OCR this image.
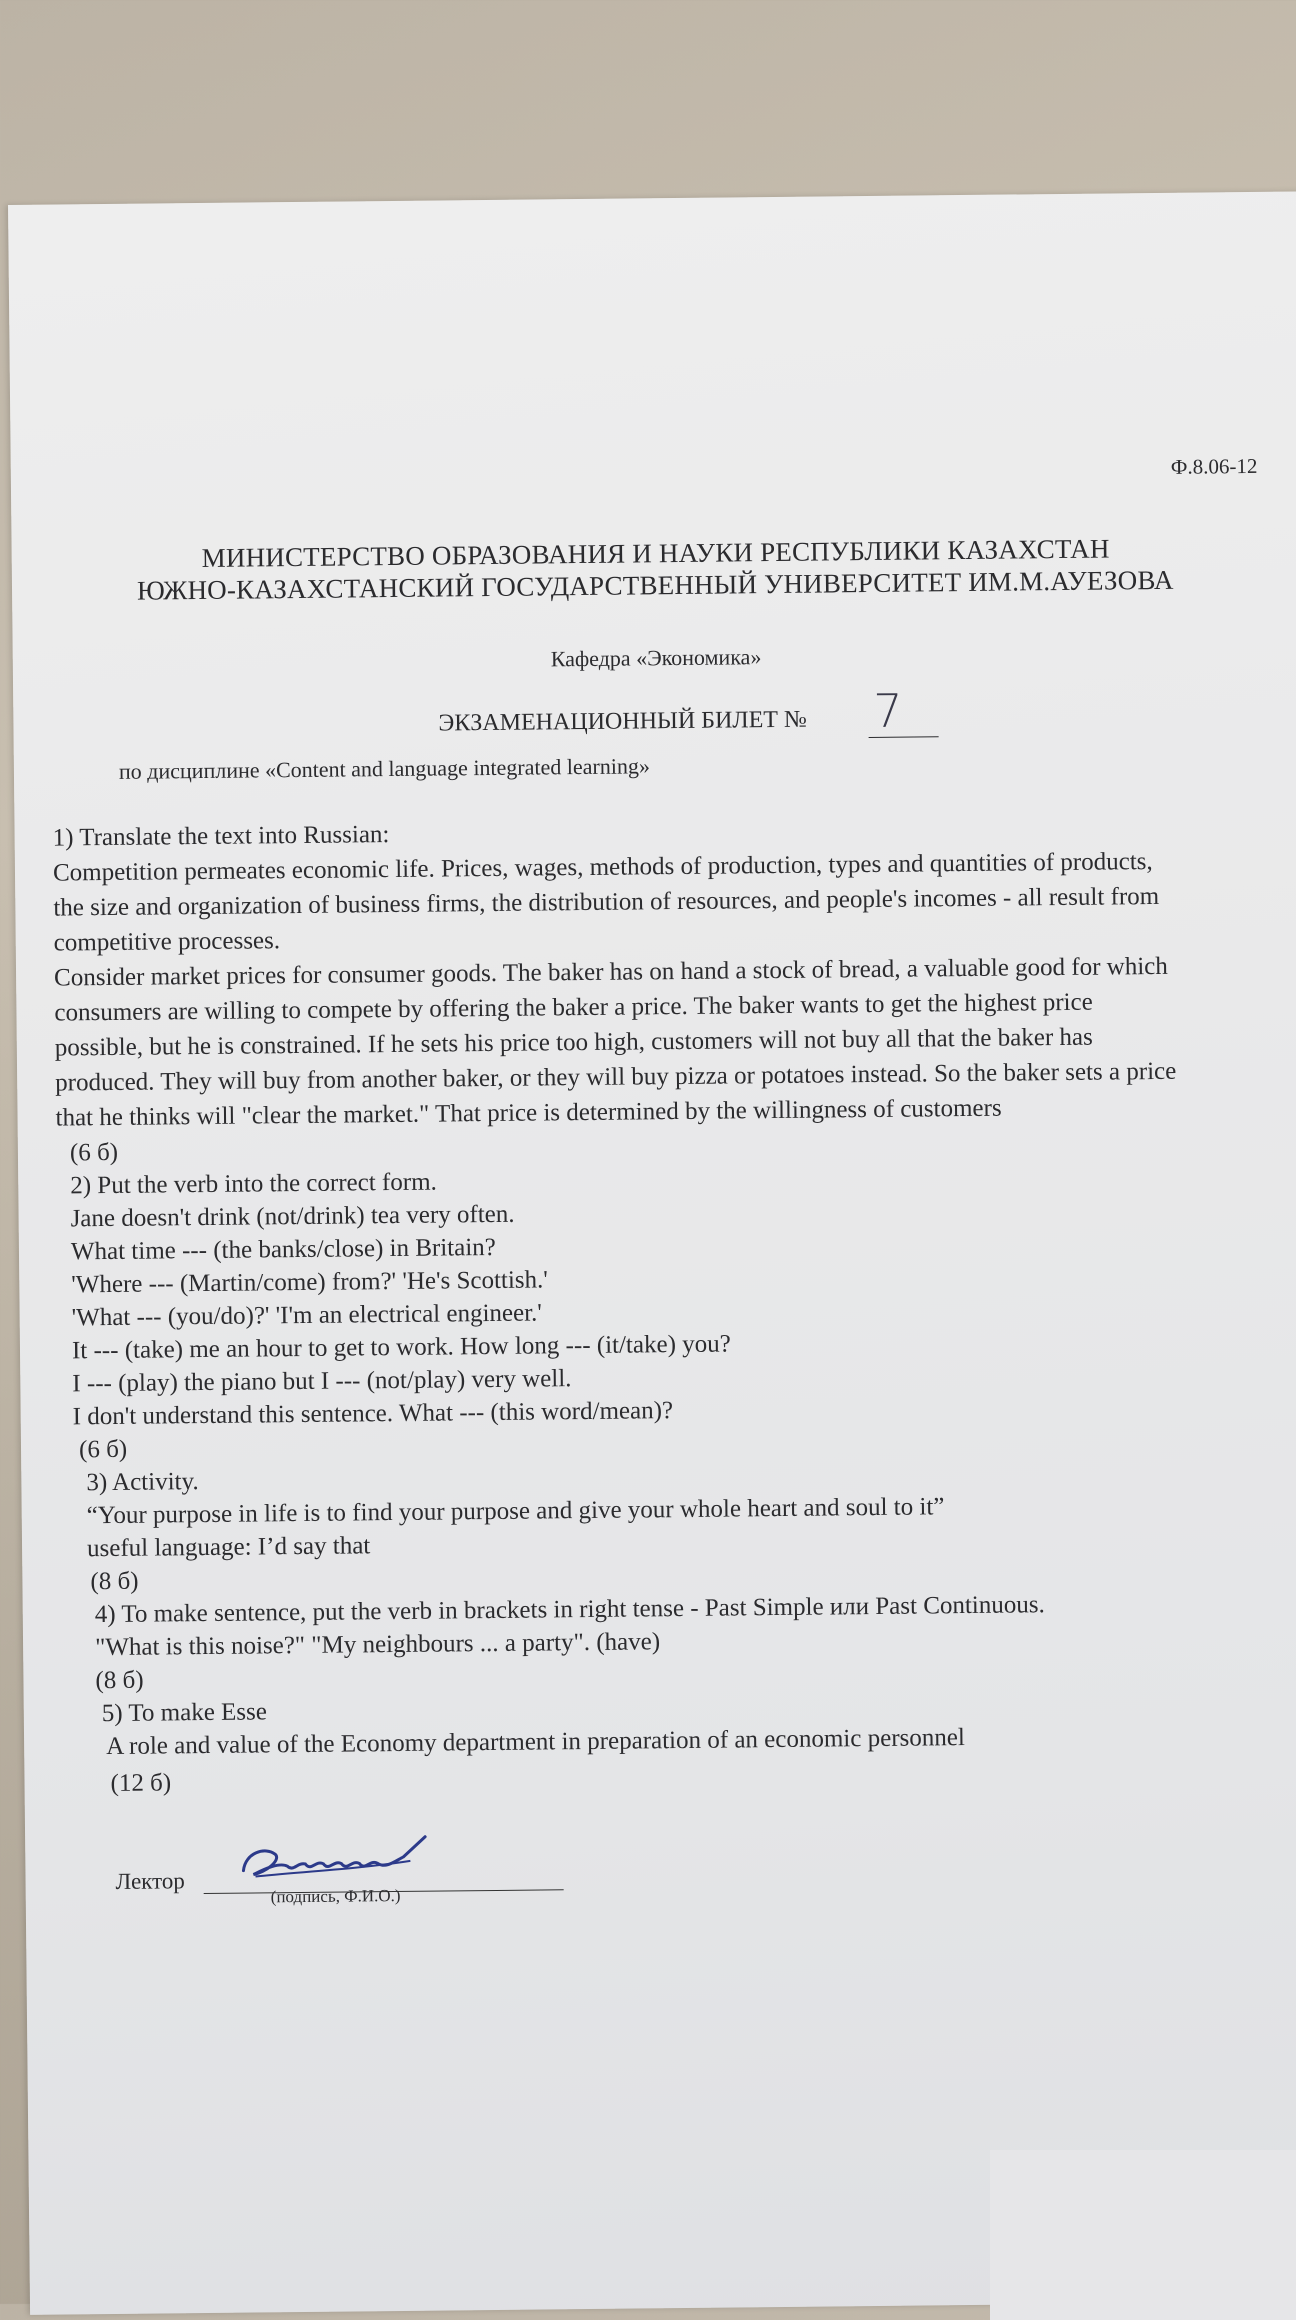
Ф.8.06-12
МИНИСТЕРСТВО ОБРАЗОВАНИЯ И НАУКИ РЕСПУБЛИКИ КАЗАХСТАН
ЮЖНО-КАЗАХСТАНСКИЙ ГОСУДАРСТВЕННЫЙ УНИВЕРСИТЕТ ИМ.М.АУЕЗОВА
Кафедра «Экономика»
ЭКЗАМЕНАЦИОННЫЙ БИЛЕТ № 7
по дисциплине «Content and language integrated learning»
1) Translate the text into Russian:
Competition permeates economic life. Prices, wages, methods of production, types and quantities of products,
the size and organization of business firms, the distribution of resources, and people's incomes - all result from
competitive processes.
Consider market prices for consumer goods. The baker has on hand a stock of bread, a valuable good for which
consumers are willing to compete by offering the baker a price. The baker wants to get the highest price
possible, but he is constrained. If he sets his price too high, customers will not buy all that the baker has
produced. They will buy from another baker, or they will buy pizza or potatoes instead. So the baker sets a price
that he thinks will "clear the market." That price is determined by the willingness of customers
(6 б)
2) Put the verb into the correct form.
Jane doesn't drink (not/drink) tea very often.
What time --- (the banks/close) in Britain?
'Where --- (Martin/come) from?' 'He's Scottish.'
'What --- (you/do)?' 'I'm an electrical engineer.'
It --- (take) me an hour to get to work. How long --- (it/take) you?
I --- (play) the piano but I --- (not/play) very well.
I don't understand this sentence. What --- (this word/mean)?
(6 б)
3) Activity.
“Your purpose in life is to find your purpose and give your whole heart and soul to it”
useful language: I’d say that
(8 б)
4) To make sentence, put the verb in brackets in right tense - Past Simple или Past Continuous.
"What is this noise?" "My neighbours ... a party". (have)
(8 б)
5) To make Esse
A role and value of the Economy department in preparation of an economic personnel
(12 б)
Лектор
(подпись, Ф.И.О.)
